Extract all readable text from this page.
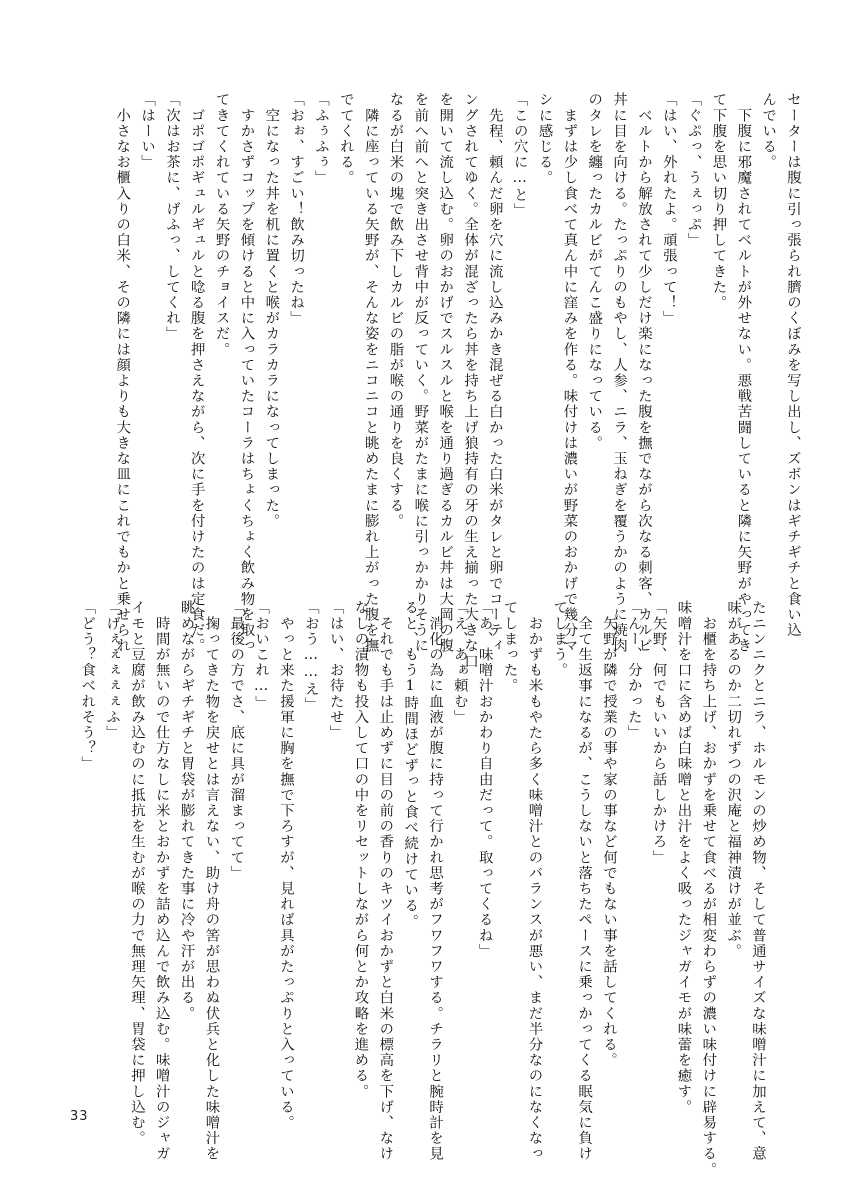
セーターは腹に引っ張られ臍のくぼみを写し出し、ズボンはギチギチと食い込
んでいる。
　下腹に邪魔されてベルトが外せない。悪戦苦闘していると隣に矢野がやってき
て下腹を思い切り押してきた。
「ぐぷっ、うぇっぷ」
「はい、外れたよ。頑張って！」
　ベルトから解放されて少しだけ楽になった腹を撫でながら次なる刺客、カルビ
丼に目を向ける。たっぷりのもやし、人参、ニラ、玉ねぎを覆うかのように焼肉
のタレを纏ったカルビがてんこ盛りになっている。
　まずは少し食べて真ん中に窪みを作る。味付けは濃いが野菜のおかげで幾分マ
シに感じる。
「この穴に…と」
　先程、頼んだ卵を穴に流し込みかき混ぜる白かった白米がタレと卵でコーティ
ングされてゆく。全体が混ざったら丼を持ち上げ狼持有の牙の生え揃った大きな口
を開いて流し込む。卵のおかげでスルスルと喉を通り過ぎるカルビ丼は大岡の腹
を前へ前へと突き出させ背中が反っていく。野菜がたまに喉に引っかかりそうに
なるが白米の塊で飲み下しカルビの脂が喉の通りを良くする。
　隣に座っている矢野が、そんな姿をニコニコと眺めたまに膨れ上がった腹を撫
でてくれる。
「ふぅふぅ」
「おぉ、すごい！飲み切ったね」
　空になった丼を机に置くと喉がカラカラになってしまった。
　すかさずコップを傾けると中に入っていたコーラはちょくちょく飲み物を取っ
てきてくれている矢野のチョイスだ。
　ゴポゴポギュルギュルと唸る腹を押さえながら、次に手を付けたのは定食だ。
「次はお茶に、げふっ、してくれ」
「はーい」
　小さなお櫃入りの白米、その隣には顔よりも大きな皿にこれでもかと乗せられ
たニンニクとニラ、ホルモンの炒め物、そして普通サイズな味噌汁に加えて、意
味があるのか二切れずつの沢庵と福神漬けが並ぶ。
　お櫃を持ち上げ、おかずを乗せて食べるが相変わらずの濃い味付けに辟易する。
味噌汁を口に含めば白味噌と出汁をよく吸ったジャガイモが味蕾を癒す。
「矢野、何でもいいから話しかけろ」
「んー、分かった」
　矢野が隣で授業の事や家の事など何でもない事を話してくれる。
　全て生返事になるが、こうしないと落ちたペースに乗っかってくる眠気に負け
てしまう。
　おかずも米もやたら多く味噌汁とのバランスが悪い、まだ半分なのになくなっ
てしまった。
「あ、味噌汁おかわり自由だって。取ってくるね」
「え、あぁ頼む」
　消化の為に血液が腹に持って行かれ思考がフワフワする。チラリと腕時計を見
ると、もう1時間ほどずっと食べ続けている。
　それでも手は止めずに目の前の香りのキツイおかずと白米の標高を下げ、なけ
なしの漬物も投入して口の中をリセットしながら何とか攻略を進める。
「はい、お待たせ」
「おう……え」
　やっと来た援軍に胸を撫で下ろすが、見れば具がたっぷりと入っている。
「おいこれ…」
「最後の方でさ、底に具が溜まってて」
　掬ってきた物を戻せとは言えない、助け舟の筈が思わぬ伏兵と化した味噌汁を
眺めながらギチギチと胃袋が膨れてきた事に冷や汗が出る。
　時間が無いので仕方なしに米とおかずを詰め込んで飲み込む。味噌汁のジャガ
イモと豆腐が飲み込むのに抵抗を生むが喉の力で無理矢理、胃袋に押し込む。
「げぇぇぇぇぇふ」
「どう？食べれそう？」
33
